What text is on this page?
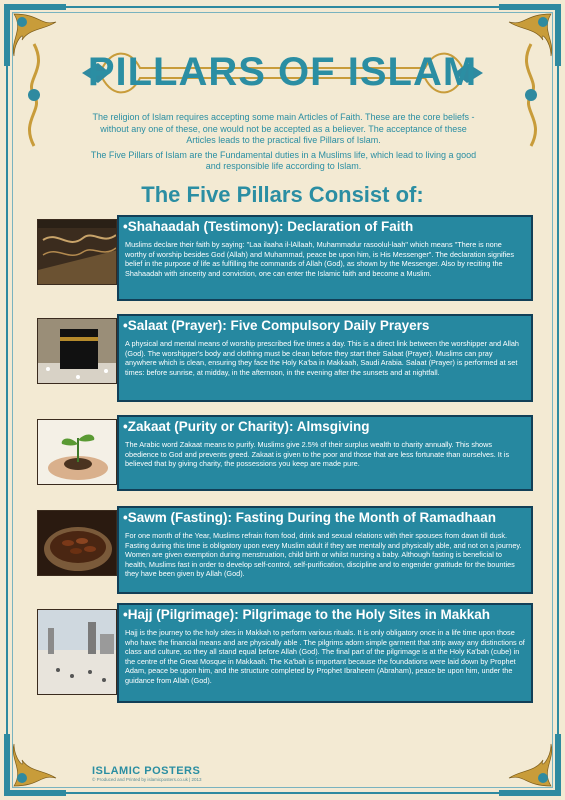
PILLARS OF ISLAM

The religion of Islam requires accepting some main Articles of Faith. These are the core beliefs - without any one of these, one would not be accepted as a believer. The acceptance of these Articles leads to the practical five Pillars of Islam.

The Five Pillars of Islam are the Fundamental duties in a Muslims life, which lead to living a good and responsible life according to Islam.

The Five Pillars Consist of:
•Shahaadah (Testimony): Declaration of Faith
Muslims declare their faith by saying: "Laa ilaaha il-lAllaah, Muhammadur rasoolul-laah" which means "There is none worthy of worship besides God (Allah) and Muhammad, peace be upon him, is His Messenger". The declaration signifies belief in the purpose of life as fulfilling the commands of Allah (God), as shown by the Messenger. Also by reciting the Shahaadah with sincerity and conviction, one can enter the Islamic faith and become a Muslim.
•Salaat (Prayer): Five Compulsory Daily Prayers
A physical and mental means of worship prescribed five times a day. This is a direct link between the worshipper and Allah (God). The worshipper's body and clothing must be clean before they start their Salaat (Prayer). Muslims can pray anywhere which is clean, ensuring they face the Holy Ka'ba in Makkaah, Saudi Arabia. Salaat (Prayer) is performed at set times: before sunrise, at midday, in the afternoon, in the evening after the sunsets and at nightfall.
•Zakaat (Purity or Charity): Almsgiving
The Arabic word Zakaat means to purify. Muslims give 2.5% of their surplus wealth to charity annually. This shows obedience to God and prevents greed. Zakaat is given to the poor and those that are less fortunate than ourselves. It is believed that by giving charity, the possessions you keep are made pure.
•Sawm (Fasting): Fasting During the Month of Ramadhaan
For one month of the Year, Muslims refrain from food, drink and sexual relations with their spouses from dawn till dusk. Fasting during this time is obligatory upon every Muslim adult if they are mentally and physically able, and not on a journey. Women are given exemption during menstruation, child birth or whilst nursing a baby. Although fasting is beneficial to health, Muslims fast in order to develop self-control, self-purification, discipline and to engender gratitude for the bounties they have been given by Allah (God).
•Hajj (Pilgrimage): Pilgrimage to the Holy Sites in Makkah
Hajj is the journey to the holy sites in Makkah to perform various rituals. It is only obligatory once in a life time upon those who have the financial means and are physically able . The pilgrims adorn simple garment that strip away any distinctions of class and culture, so they all stand equal before Allah (God). The final part of the pilgrimage is at the Holy Ka'bah (cube) in the centre of the Great Mosque in Makkaah. The Ka'bah is important because the foundations were laid down by Prophet Adam, peace be upon him, and the structure completed by Prophet Ibraheem (Abraham), peace be upon him, under the guidance from Allah (God).
ISLAMIC POSTERS
© Produced and Printed by islamicposters.co.uk | 2013
